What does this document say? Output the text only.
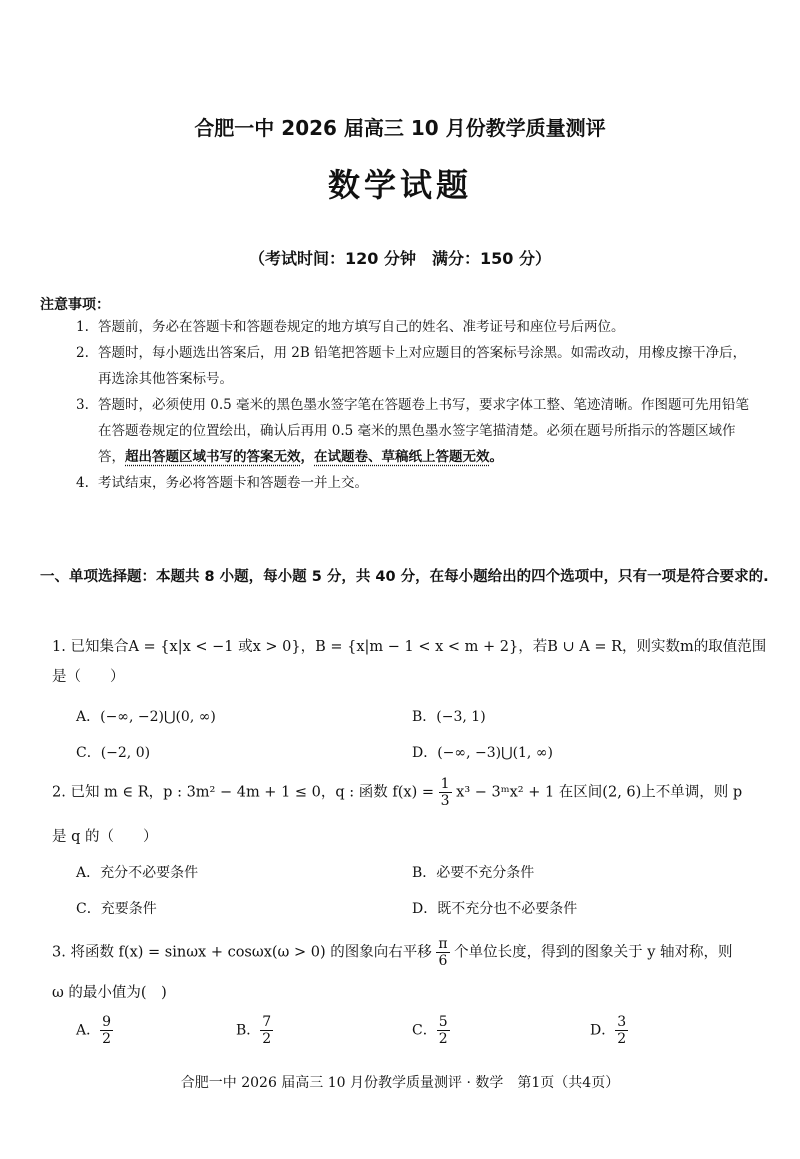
合肥一中 2026 届高三 10 月份教学质量测评
数学试题
（考试时间：120 分钟　满分：150 分）
注意事项：
1. 答题前，务必在答题卡和答题卷规定的地方填写自己的姓名、准考证号和座位号后两位。
2. 答题时，每小题选出答案后，用 2B 铅笔把答题卡上对应题目的答案标号涂黑。如需改动，用橡皮擦干净后，再选涂其他答案标号。
3. 答题时，必须使用 0.5 毫米的黑色墨水签字笔在答题卷上书写，要求字体工整、笔迹清晰。作图题可先用铅笔在答题卷规定的位置绘出，确认后再用 0.5 毫米的黑色墨水签字笔描清楚。必须在题号所指示的答题区域作答，超出答题区域书写的答案无效，在试题卷、草稿纸上答题无效。
4. 考试结束，务必将答题卡和答题卷一并上交。
一、单项选择题：本题共 8 小题，每小题 5 分，共 40 分，在每小题给出的四个选项中，只有一项是符合要求的.
1. 已知集合A = {x|x < −1 或x > 0}，B = {x|m − 1 < x < m + 2}，若B ∪ A = R，则实数m的取值范围是（　　）
A．(−∞, −2)⋃(0, ∞)	B．(−3, 1)
C．(−2, 0)	D．(−∞, −3)⋃(1, ∞)
2. 已知 m ∈ R，p : 3m² − 4m + 1 ≤ 0，q : 函数 $f(x) = \frac{1}{3} x^3$ − 3ᵐx² + 1 在区间(2, 6)上不单调，则 p
是 q 的（　　）
A．充分不必要条件	B．必要不充分条件
C．充要条件	D．既不充分也不必要条件
3. 将函数 f(x) = sinωx + cosωx(ω > 0) 的图象向右平移 $\frac{\pi}{6}$ 个单位长度，得到的图象关于 y 轴对称，则
ω 的最小值为(　)
A． $\frac{9}{2}$	B． $\frac{7}{2}$	C． $\frac{5}{2}$	D． $\frac{3}{2}$
合肥一中 2026 届高三 10 月份教学质量测评 · 数学　第1页（共4页）
